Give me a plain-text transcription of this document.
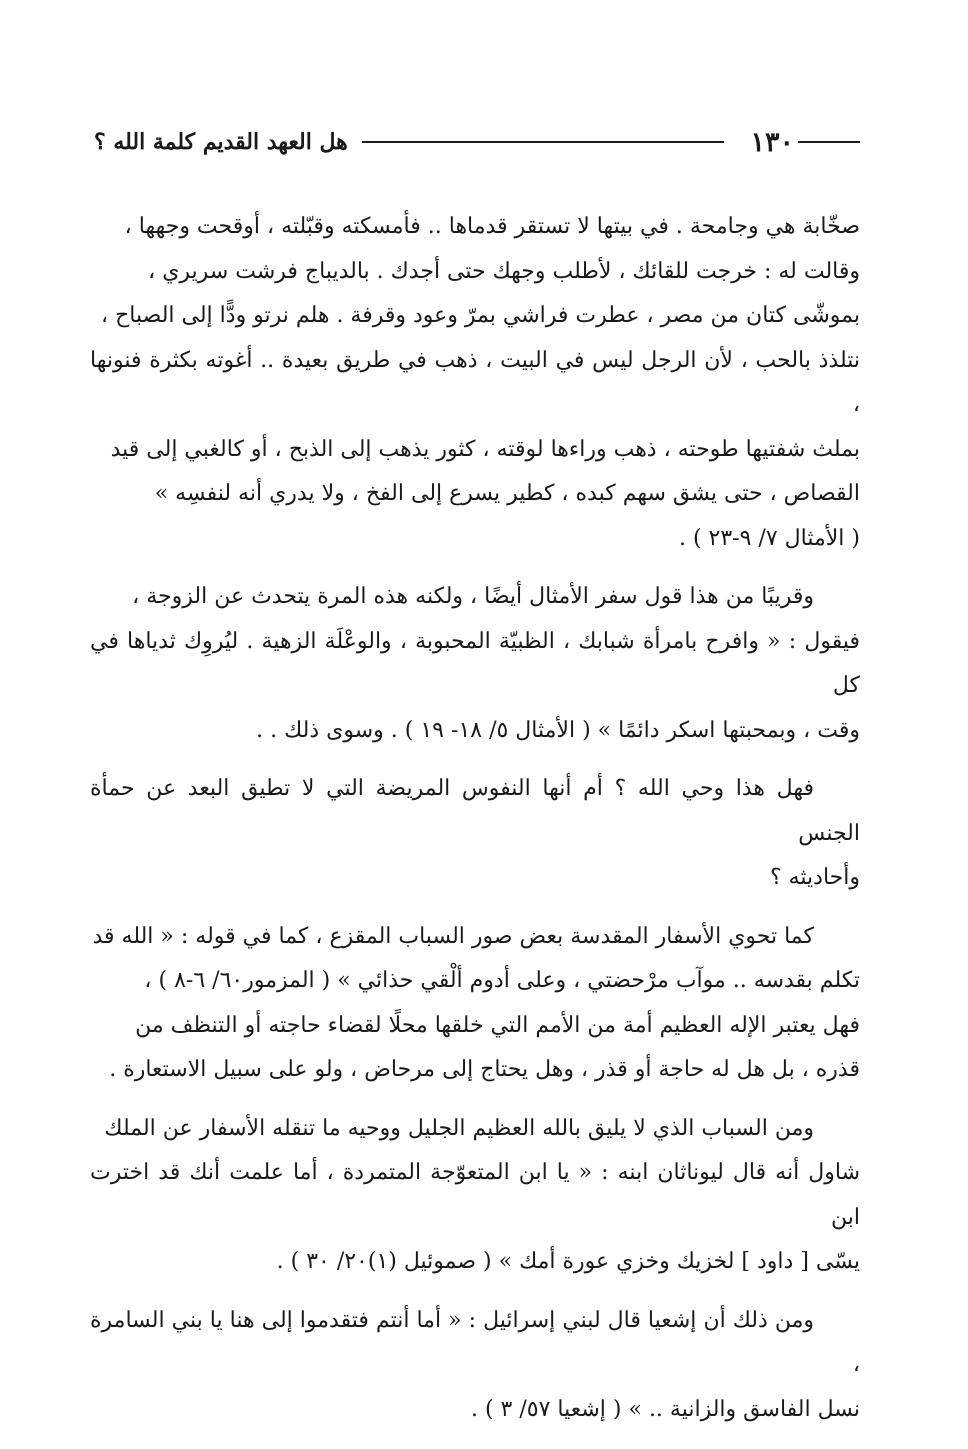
١٣٠
هل العهد القديم كلمة الله ؟
صخّابة هي وجامحة . في بيتها لا تستقر قدماها .. فأمسكته وقبّلته ، أوقحت وجهها ،
وقالت له : خرجت للقائك ، لأطلب وجهك حتى أجدك . بالديباج فرشت سريري ،
بموشّى كتان من مصر ، عطرت فراشي بمرّ وعود وقرفة . هلم نرتو ودًّا إلى الصباح ،
نتلذذ بالحب ، لأن الرجل ليس في البيت ، ذهب في طريق بعيدة .. أغوته بكثرة فنونها ،
بملث شفتيها طوحته ، ذهب وراءها لوقته ، كثور يذهب إلى الذبح ، أو كالغبي إلى قيد
القصاص ، حتى يشق سهم كبده ، كطير يسرع إلى الفخ ، ولا يدري أنه لنفسِه »
( الأمثال ٧/ ٩-٢٣ ) .
وقريبًا من هذا قول سفر الأمثال أيضًا ، ولكنه هذه المرة يتحدث عن الزوجة ،
فيقول : « وافرح بامرأة شبابك ، الظبيّة المحبوبة ، والوعْلَة الزهية . ليُروِك ثدياها في كل
وقت ، وبمحبتها اسكر دائمًا » ( الأمثال ٥/ ١٨- ١٩ ) . وسوى ذلك . .
فهل هذا وحي الله ؟ أم أنها النفوس المريضة التي لا تطيق البعد عن حمأة الجنس
وأحاديثه ؟
كما تحوي الأسفار المقدسة بعض صور السباب المقزع ، كما في قوله : « الله قد
تكلم بقدسه .. موآب مرْحضتي ، وعلى أدوم ألْقي حذائي » ( المزمور٦٠/ ٦-٨ ) ،
فهل يعتبر الإله العظيم أمة من الأمم التي خلقها محلًا لقضاء حاجته أو التنظف من
قذره ، بل هل له حاجة أو قذر ، وهل يحتاج إلى مرحاض ، ولو على سبيل الاستعارة .
ومن السباب الذي لا يليق بالله العظيم الجليل ووحيه ما تنقله الأسفار عن الملك
شاول أنه قال ليوناثان ابنه : « يا ابن المتعوّجة المتمردة ، أما علمت أنك قد اخترت ابن
يسّى [ داود ] لخزيك وخزي عورة أمك » ( صموئيل (١)٢٠/ ٣٠ ) .
ومن ذلك أن إشعيا قال لبني إسرائيل : « أما أنتم فتقدموا إلى هنا يا بني السامرة ،
نسل الفاسق والزانية .. » ( إشعيا ٥٧/ ٣ ) .
